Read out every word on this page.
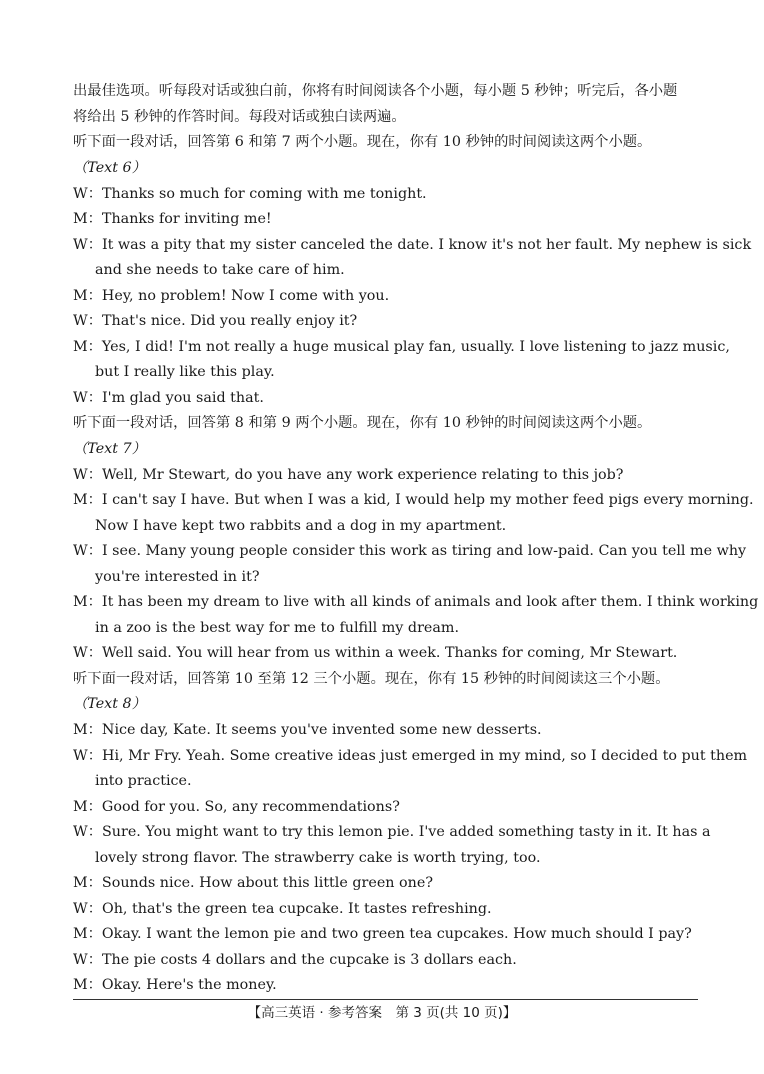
出最佳选项。听每段对话或独白前，你将有时间阅读各个小题，每小题 5 秒钟；听完后，各小题
将给出 5 秒钟的作答时间。每段对话或独白读两遍。
听下面一段对话，回答第 6 和第 7 两个小题。现在，你有 10 秒钟的时间阅读这两个小题。
（Text 6）
W：Thanks so much for coming with me tonight.
M：Thanks for inviting me!
W：It was a pity that my sister canceled the date. I know it's not her fault. My nephew is sick
and she needs to take care of him.
M：Hey, no problem! Now I come with you.
W：That's nice. Did you really enjoy it?
M：Yes, I did! I'm not really a huge musical play fan, usually. I love listening to jazz music,
but I really like this play.
W：I'm glad you said that.
听下面一段对话，回答第 8 和第 9 两个小题。现在，你有 10 秒钟的时间阅读这两个小题。
（Text 7）
W：Well, Mr Stewart, do you have any work experience relating to this job?
M：I can't say I have. But when I was a kid, I would help my mother feed pigs every morning.
Now I have kept two rabbits and a dog in my apartment.
W：I see. Many young people consider this work as tiring and low-paid. Can you tell me why
you're interested in it?
M：It has been my dream to live with all kinds of animals and look after them. I think working
in a zoo is the best way for me to fulfill my dream.
W：Well said. You will hear from us within a week. Thanks for coming, Mr Stewart.
听下面一段对话，回答第 10 至第 12 三个小题。现在，你有 15 秒钟的时间阅读这三个小题。
（Text 8）
M：Nice day, Kate. It seems you've invented some new desserts.
W：Hi, Mr Fry. Yeah. Some creative ideas just emerged in my mind, so I decided to put them
into practice.
M：Good for you. So, any recommendations?
W：Sure. You might want to try this lemon pie. I've added something tasty in it. It has a
lovely strong flavor. The strawberry cake is worth trying, too.
M：Sounds nice. How about this little green one?
W：Oh, that's the green tea cupcake. It tastes refreshing.
M：Okay. I want the lemon pie and two green tea cupcakes. How much should I pay?
W：The pie costs 4 dollars and the cupcake is 3 dollars each.
M：Okay. Here's the money.
【高三英语 · 参考答案　第 3 页(共 10 页)】
